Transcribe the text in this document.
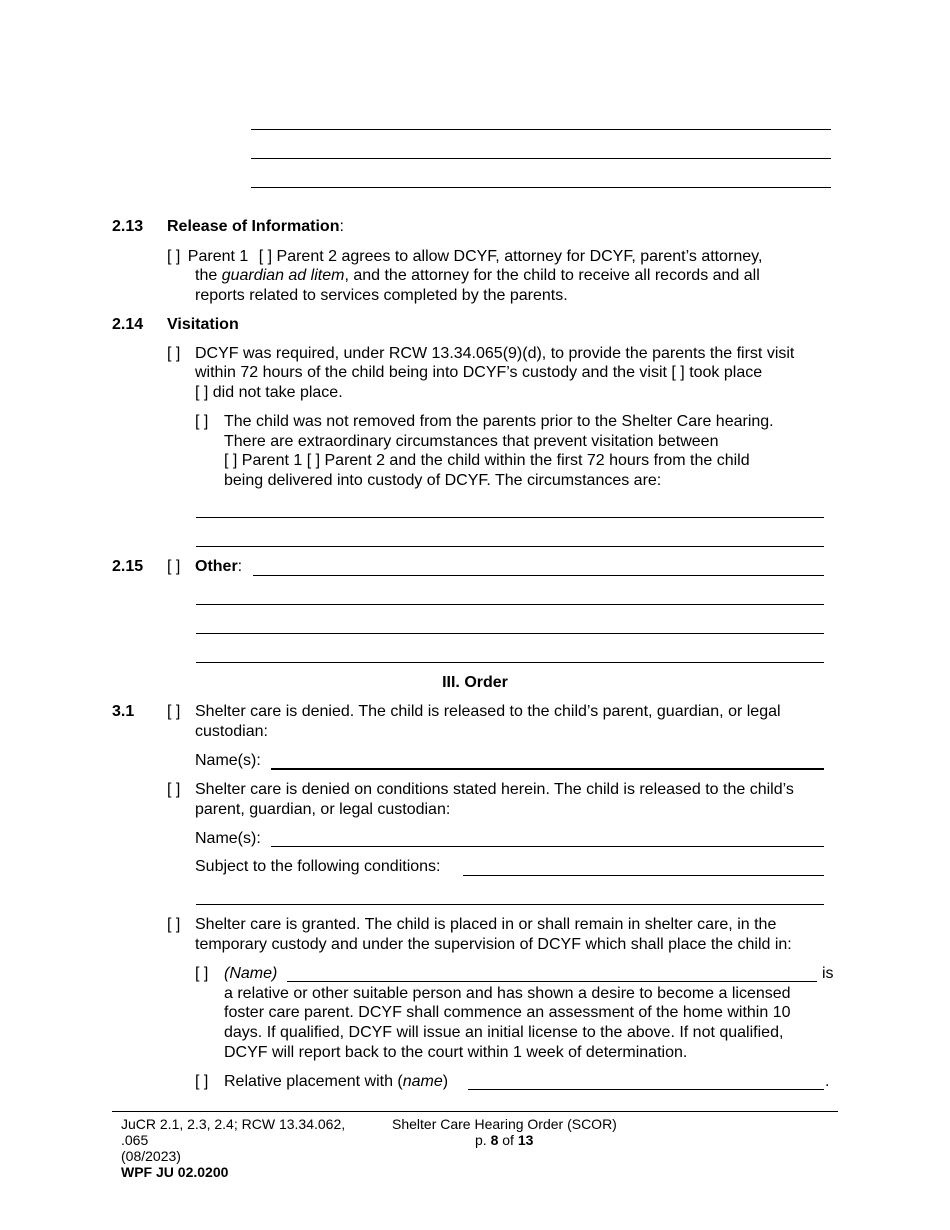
2.13 Release of Information:
[ ] Parent 1 [ ] Parent 2 agrees to allow DCYF, attorney for DCYF, parent’s attorney,
the guardian ad litem, and the attorney for the child to receive all records and all
reports related to services completed by the parents.
2.14 Visitation
[ ] DCYF was required, under RCW 13.34.065(9)(d), to provide the parents the first visit
within 72 hours of the child being into DCYF’s custody and the visit [ ] took place
[ ] did not take place.
[ ] The child was not removed from the parents prior to the Shelter Care hearing.
There are extraordinary circumstances that prevent visitation between
[ ] Parent 1 [ ] Parent 2 and the child within the first 72 hours from the child
being delivered into custody of DCYF. The circumstances are:
2.15 [ ] Other:
III. Order
3.1 [ ] Shelter care is denied. The child is released to the child’s parent, guardian, or legal
custodian:
Name(s):
[ ] Shelter care is denied on conditions stated herein. The child is released to the child’s
parent, guardian, or legal custodian:
Name(s):
Subject to the following conditions:
[ ] Shelter care is granted. The child is placed in or shall remain in shelter care, in the
temporary custody and under the supervision of DCYF which shall place the child in:
[ ] (Name)	is
a relative or other suitable person and has shown a desire to become a licensed
foster care parent. DCYF shall commence an assessment of the home within 10
days. If qualified, DCYF will issue an initial license to the above. If not qualified,
DCYF will report back to the court within 1 week of determination.
[ ] Relative placement with (name)	.
JuCR 2.1, 2.3, 2.4; RCW 13.34.062,
.065
(08/2023)
WPF JU 02.0200
Shelter Care Hearing Order (SCOR)
p. 8 of 13
